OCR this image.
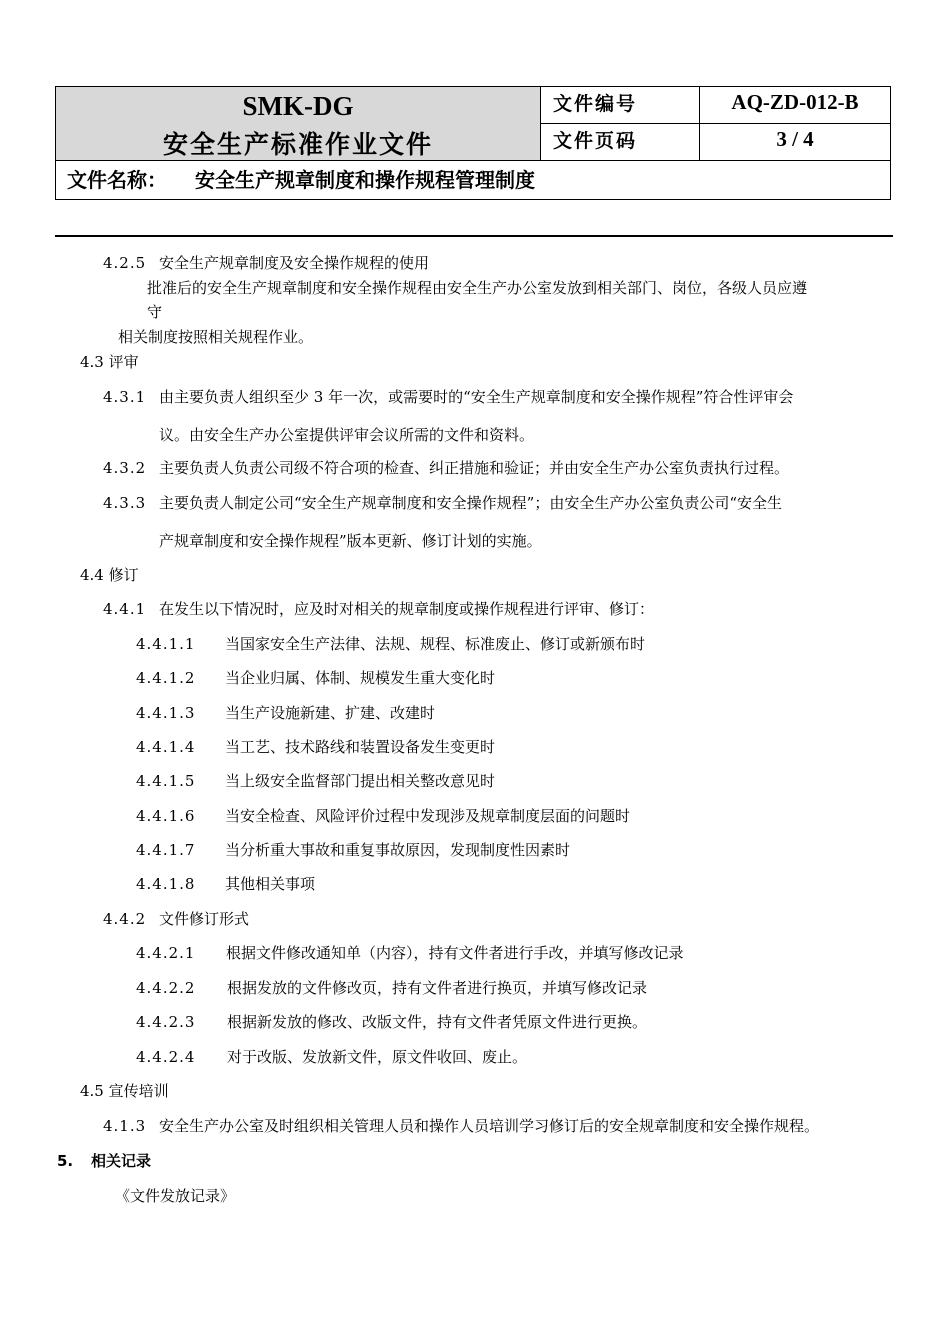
SMK-DG
安全生产标准作业文件
文件编号	AQ-ZD-012-B
文件页码	3 / 4
文件名称： 安全生产规章制度和操作规程管理制度
4.2.5 安全生产规章制度及安全操作规程的使用
批准后的安全生产规章制度和安全操作规程由安全生产办公室发放到相关部门、岗位，各级人员应遵
守
相关制度按照相关规程作业。
4.3 评审
4.3.1 由主要负责人组织至少 3 年一次，或需要时的“安全生产规章制度和安全操作规程”符合性评审会
议。由安全生产办公室提供评审会议所需的文件和资料。
4.3.2 主要负责人负责公司级不符合项的检查、纠正措施和验证；并由安全生产办公室负责执行过程。
4.3.3 主要负责人制定公司“安全生产规章制度和安全操作规程”；由安全生产办公室负责公司“安全生
产规章制度和安全操作规程”版本更新、修订计划的实施。
4.4 修订
4.4.1 在发生以下情况时，应及时对相关的规章制度或操作规程进行评审、修订：
4.4.1.1 当国家安全生产法律、法规、规程、标准废止、修订或新颁布时
4.4.1.2 当企业归属、体制、规模发生重大变化时
4.4.1.3 当生产设施新建、扩建、改建时
4.4.1.4 当工艺、技术路线和装置设备发生变更时
4.4.1.5 当上级安全监督部门提出相关整改意见时
4.4.1.6 当安全检查、风险评价过程中发现涉及规章制度层面的问题时
4.4.1.7 当分析重大事故和重复事故原因，发现制度性因素时
4.4.1.8 其他相关事项
4.4.2 文件修订形式
4.4.2.1 根据文件修改通知单（内容），持有文件者进行手改，并填写修改记录
4.4.2.2 根据发放的文件修改页，持有文件者进行换页，并填写修改记录
4.4.2.3 根据新发放的修改、改版文件，持有文件者凭原文件进行更换。
4.4.2.4 对于改版、发放新文件，原文件收回、废止。
4.5 宣传培训
4.1.3 安全生产办公室及时组织相关管理人员和操作人员培训学习修订后的安全规章制度和安全操作规程。
5. 相关记录
《文件发放记录》
